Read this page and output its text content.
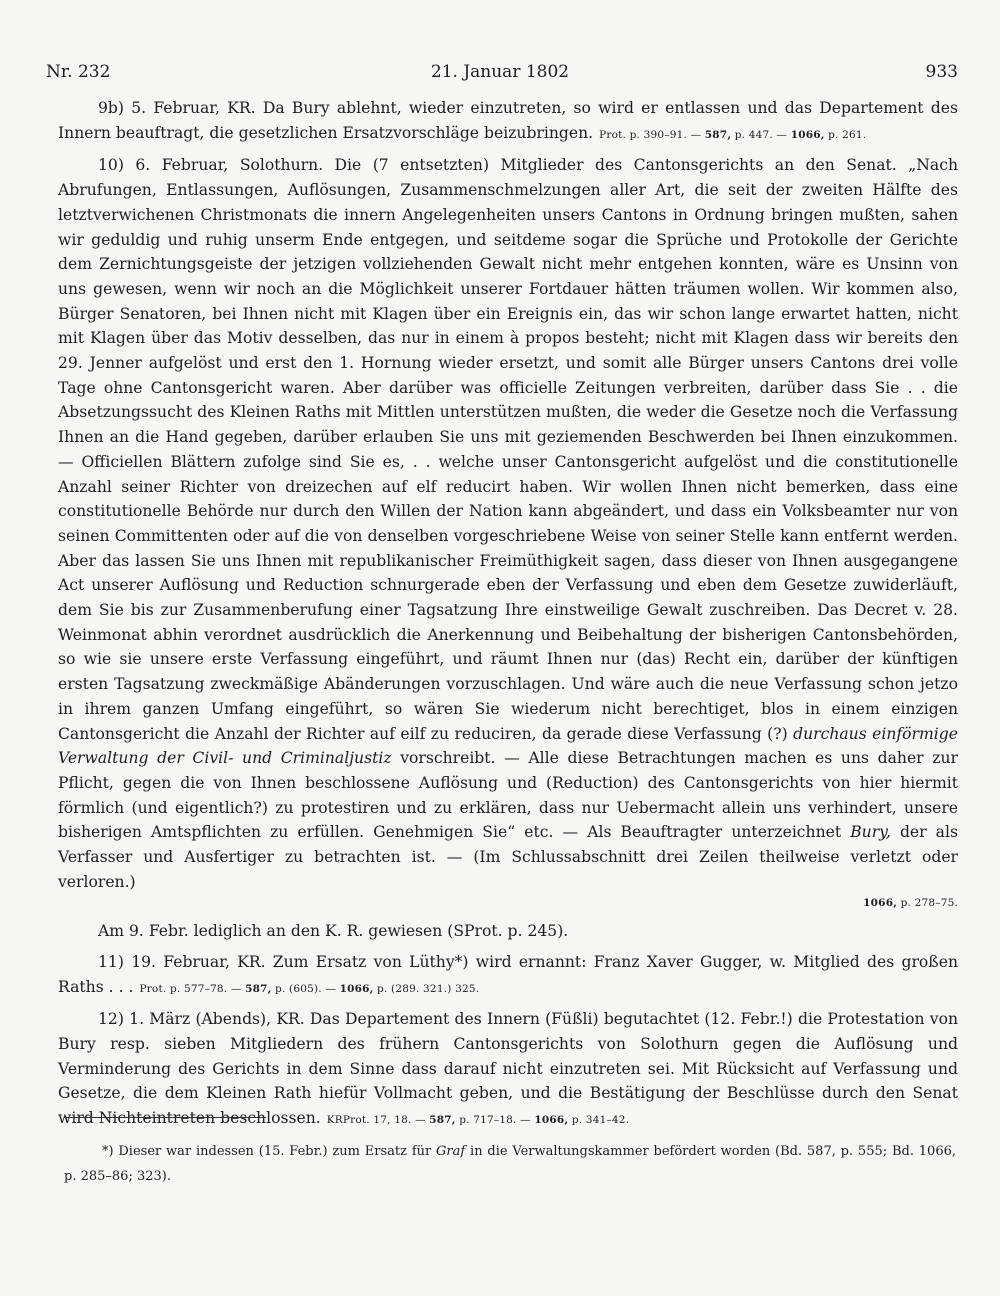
Nr. 232	21. Januar 1802	933

9b) 5. Februar, KR. Da Bury ablehnt, wieder einzutreten, so wird er entlassen und das Departement des Innern beauftragt, die gesetzlichen Ersatzvorschläge beizubringen. Prot. p. 390–91. — 587, p. 447. — 1066, p. 261.

10) 6. Februar, Solothurn. Die (7 entsetzten) Mitglieder des Cantonsgerichts an den Senat. „Nach Abrufungen, Entlassungen, Auflösungen, Zusammenschmelzungen aller Art, die seit der zweiten Hälfte des letztverwichenen Christmonats die innern Angelegenheiten unsers Cantons in Ordnung bringen mußten, sahen wir geduldig und ruhig unserm Ende entgegen, und seitdeme sogar die Sprüche und Protokolle der Gerichte dem Zernichtungsgeiste der jetzigen vollziehenden Gewalt nicht mehr entgehen konnten, wäre es Unsinn von uns gewesen, wenn wir noch an die Möglichkeit unserer Fortdauer hätten träumen wollen. Wir kommen also, Bürger Senatoren, bei Ihnen nicht mit Klagen über ein Ereignis ein, das wir schon lange erwartet hatten, nicht mit Klagen über das Motiv desselben, das nur in einem à propos besteht; nicht mit Klagen dass wir bereits den 29. Jenner aufgelöst und erst den 1. Hornung wieder ersetzt, und somit alle Bürger unsers Cantons drei volle Tage ohne Cantonsgericht waren. Aber darüber was officielle Zeitungen verbreiten, darüber dass Sie . . die Absetzungssucht des Kleinen Raths mit Mittlen unterstützen mußten, die weder die Gesetze noch die Verfassung Ihnen an die Hand gegeben, darüber erlauben Sie uns mit geziemenden Beschwerden bei Ihnen einzukommen. — Officiellen Blättern zufolge sind Sie es, . . welche unser Cantonsgericht aufgelöst und die constitutionelle Anzahl seiner Richter von dreizechen auf elf reducirt haben. Wir wollen Ihnen nicht bemerken, dass eine constitutionelle Behörde nur durch den Willen der Nation kann abgeändert, und dass ein Volksbeamter nur von seinen Committenten oder auf die von denselben vorgeschriebene Weise von seiner Stelle kann entfernt werden. Aber das lassen Sie uns Ihnen mit republikanischer Freimüthigkeit sagen, dass dieser von Ihnen ausgegangene Act unserer Auflösung und Reduction schnurgerade eben der Verfassung und eben dem Gesetze zuwiderläuft, dem Sie bis zur Zusammenberufung einer Tagsatzung Ihre einstweilige Gewalt zuschreiben. Das Decret v. 28. Weinmonat abhin verordnet ausdrücklich die Anerkennung und Beibehaltung der bisherigen Cantonsbehörden, so wie sie unsere erste Verfassung eingeführt, und räumt Ihnen nur (das) Recht ein, darüber der künftigen ersten Tagsatzung zweckmäßige Abänderungen vorzuschlagen. Und wäre auch die neue Verfassung schon jetzo in ihrem ganzen Umfang eingeführt, so wären Sie wiederum nicht berechtiget, blos in einem einzigen Cantonsgericht die Anzahl der Richter auf eilf zu reduciren, da gerade diese Verfassung (?) durchaus einförmige Verwaltung der Civil- und Criminaljustiz vorschreibt. — Alle diese Betrachtungen machen es uns daher zur Pflicht, gegen die von Ihnen beschlossene Auflösung und (Reduction) des Cantonsgerichts von hier hiermit förmlich (und eigentlich?) zu protestiren und zu erklären, dass nur Uebermacht allein uns verhindert, unsere bisherigen Amtspflichten zu erfüllen. Genehmigen Sie“ etc. — Als Beauftragter unterzeichnet Bury, der als Verfasser und Ausfertiger zu betrachten ist. — (Im Schlussabschnitt drei Zeilen theilweise verletzt oder verloren.)
1066, p. 278–75.

Am 9. Febr. lediglich an den K. R. gewiesen (SProt. p. 245).

11) 19. Februar, KR. Zum Ersatz von Lüthy*) wird ernannt: Franz Xaver Gugger, w. Mitglied des großen Raths . . . Prot. p. 577–78. — 587, p. (605). — 1066, p. (289. 321.) 325.

12) 1. März (Abends), KR. Das Departement des Innern (Füßli) begutachtet (12. Febr.!) die Protestation von Bury resp. sieben Mitgliedern des frühern Cantonsgerichts von Solothurn gegen die Auflösung und Verminderung des Gerichts in dem Sinne dass darauf nicht einzutreten sei. Mit Rücksicht auf Verfassung und Gesetze, die dem Kleinen Rath hiefür Vollmacht geben, und die Bestätigung der Beschlüsse durch den Senat wird Nichteintreten beschlossen. KRProt. 17, 18. — 587, p. 717–18. — 1066, p. 341–42.

*) Dieser war indessen (15. Febr.) zum Ersatz für Graf in die Verwaltungskammer befördert worden (Bd. 587, p. 555; Bd. 1066, p. 285–86; 323).
